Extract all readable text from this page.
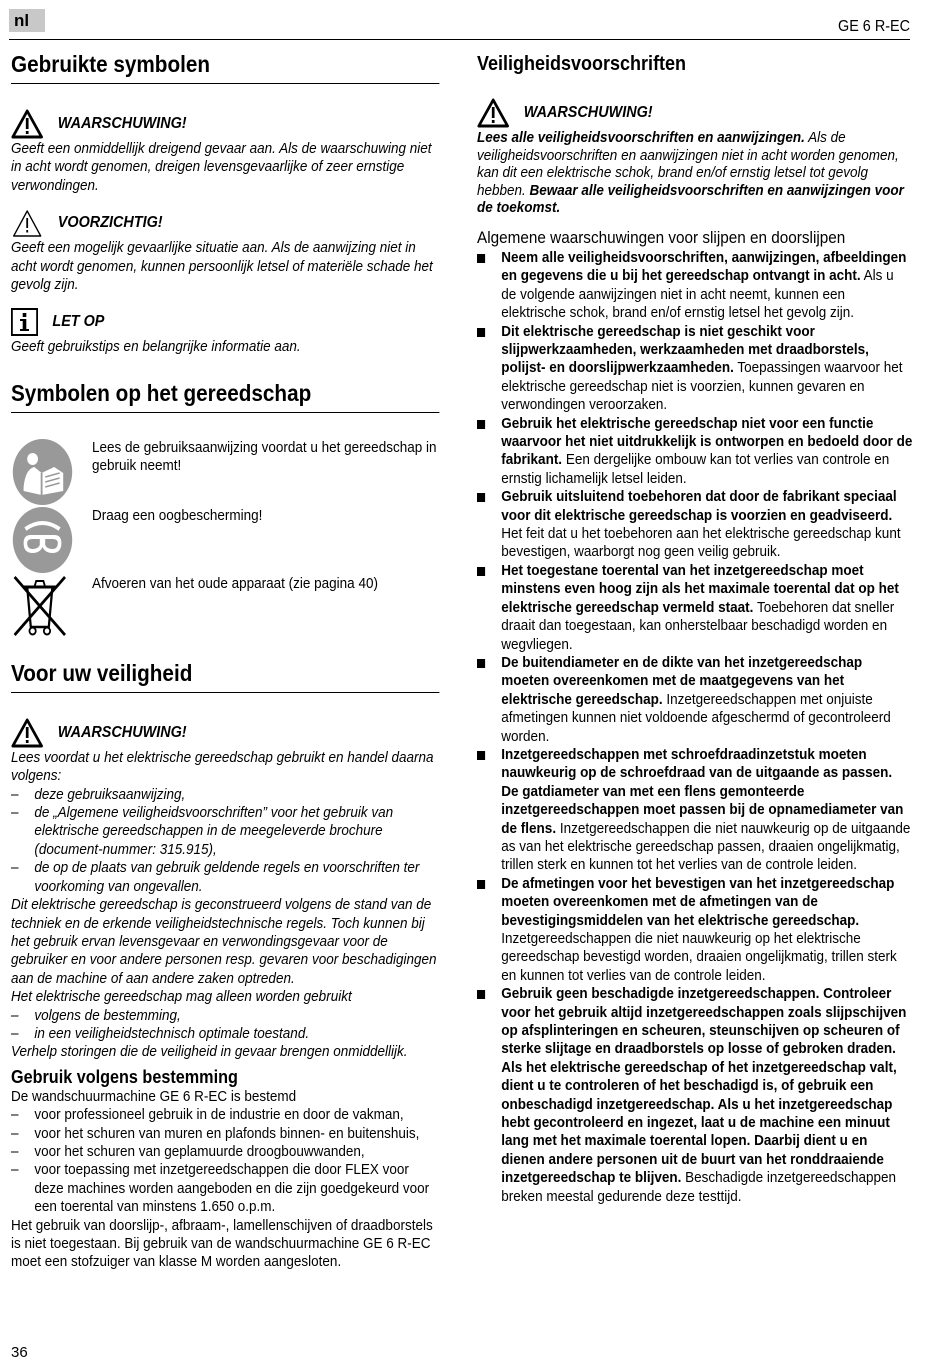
nl	GE 6 R-EC
Gebruikte symbolen
WAARSCHUWING!
Geeft een onmiddellijk dreigend gevaar aan. Als de waarschuwing niet in acht wordt genomen, dreigen levensgevaarlijke of zeer ernstige verwondingen.
VOORZICHTIG!
Geeft een mogelijk gevaarlijke situatie aan. Als de aanwijzing niet in acht wordt genomen, kunnen persoonlijk letsel of materiële schade het gevolg zijn.
LET OP
Geeft gebruikstips en belangrijke informatie aan.
Symbolen op het gereedschap
Lees de gebruiksaanwijzing voordat u het gereedschap in gebruik neemt!
Draag een oogbescherming!
Afvoeren van het oude apparaat (zie pagina 40)
Voor uw veiligheid
WAARSCHUWING!
Lees voordat u het elektrische gereedschap gebruikt en handel daarna volgens:
– deze gebruiksaanwijzing,
– de „Algemene veiligheidsvoorschriften” voor het gebruik van elektrische gereedschappen in de meegeleverde brochure (document-nummer: 315.915),
– de op de plaats van gebruik geldende regels en voorschriften ter voorkoming van ongevallen.
Dit elektrische gereedschap is geconstrueerd volgens de stand van de techniek en de erkende veiligheidstechnische regels. Toch kunnen bij het gebruik ervan levensgevaar en verwondingsgevaar voor de gebruiker en voor andere personen resp. gevaren voor beschadigingen aan de machine of aan andere zaken optreden.
Het elektrische gereedschap mag alleen worden gebruikt
– volgens de bestemming,
– in een veiligheidstechnisch optimale toestand.
Verhelp storingen die de veiligheid in gevaar brengen onmiddellijk.
Gebruik volgens bestemming
De wandschuurmachine GE 6 R-EC is bestemd
– voor professioneel gebruik in de industrie en door de vakman,
– voor het schuren van muren en plafonds binnen- en buitenshuis,
– voor het schuren van geplamuurde droogbouwwanden,
– voor toepassing met inzetgereedschappen die door FLEX voor deze machines worden aangeboden en die zijn goedgekeurd voor een toerental van minstens 1.650 o.p.m.
Het gebruik van doorslijp-, afbraam-, lamellenschijven of draadborstels is niet toegestaan. Bij gebruik van de wandschuurmachine GE 6 R-EC moet een stofzuiger van klasse M worden aangesloten.
Veiligheidsvoorschriften
WAARSCHUWING!
Lees alle veiligheidsvoorschriften en aanwijzingen. Als de veiligheidsvoorschriften en aanwijzingen niet in acht worden genomen, kan dit een elektrische schok, brand en/of ernstig letsel tot gevolg hebben. Bewaar alle veiligheidsvoorschriften en aanwijzingen voor de toekomst.
Algemene waarschuwingen voor slijpen en doorslijpen
Neem alle veiligheidsvoorschriften, aanwijzingen, afbeeldingen en gegevens die u bij het gereedschap ontvangt in acht. Als u de volgende aanwijzingen niet in acht neemt, kunnen een elektrische schok, brand en/of ernstig letsel het gevolg zijn.
Dit elektrische gereedschap is niet geschikt voor slijpwerkzaamheden, werkzaamheden met draadborstels, polijst- en doorslijpwerkzaamheden. Toepassingen waarvoor het elektrische gereedschap niet is voorzien, kunnen gevaren en verwondingen veroorzaken.
Gebruik het elektrische gereedschap niet voor een functie waarvoor het niet uitdrukkelijk is ontworpen en bedoeld door de fabrikant. Een dergelijke ombouw kan tot verlies van controle en ernstig lichamelijk letsel leiden.
Gebruik uitsluitend toebehoren dat door de fabrikant speciaal voor dit elektrische gereedschap is voorzien en geadviseerd. Het feit dat u het toebehoren aan het elektrische gereedschap kunt bevestigen, waarborgt nog geen veilig gebruik.
Het toegestane toerental van het inzetgereedschap moet minstens even hoog zijn als het maximale toerental dat op het elektrische gereedschap vermeld staat. Toebehoren dat sneller draait dan toegestaan, kan onherstelbaar beschadigd worden en wegvliegen.
De buitendiameter en de dikte van het inzetgereedschap moeten overeenkomen met de maatgegevens van het elektrische gereedschap. Inzetgereedschappen met onjuiste afmetingen kunnen niet voldoende afgeschermd of gecontroleerd worden.
Inzetgereedschappen met schroefdraadinzetstuk moeten nauwkeurig op de schroefdraad van de uitgaande as passen. De gatdiameter van met een flens gemonteerde inzetgereedschappen moet passen bij de opnamediameter van de flens. Inzetgereedschappen die niet nauwkeurig op de uitgaande as van het elektrische gereedschap passen, draaien ongelijkmatig, trillen sterk en kunnen tot het verlies van de controle leiden.
De afmetingen voor het bevestigen van het inzetgereedschap moeten overeenkomen met de afmetingen van de bevestigingsmiddelen van het elektrische gereedschap. Inzetgereedschappen die niet nauwkeurig op het elektrische gereedschap bevestigd worden, draaien ongelijkmatig, trillen sterk en kunnen tot verlies van de controle leiden.
Gebruik geen beschadigde inzetgereedschappen. Controleer voor het gebruik altijd inzetgereedschappen zoals slijpschijven op afsplinteringen en scheuren, steunschijven op scheuren of sterke slijtage en draadborstels op losse of gebroken draden. Als het elektrische gereedschap of het inzetgereedschap valt, dient u te controleren of het beschadigd is, of gebruik een onbeschadigd inzetgereedschap. Als u het inzetgereedschap hebt gecontroleerd en ingezet, laat u de machine een minuut lang met het maximale toerental lopen. Daarbij dient u en dienen andere personen uit de buurt van het ronddraaiende inzetgereedschap te blijven. Beschadigde inzetgereedschappen breken meestal gedurende deze testtijd.
36
